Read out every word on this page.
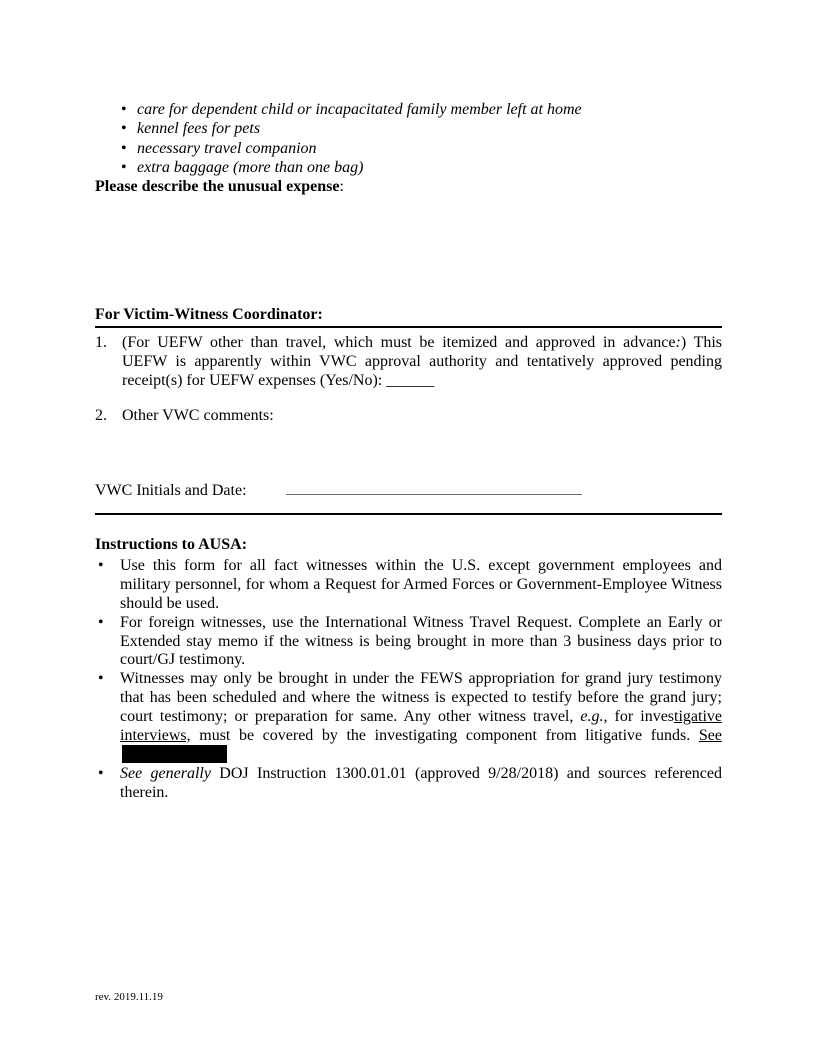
• care for dependent child or incapacitated family member left at home
• kennel fees for pets
• necessary travel companion
• extra baggage (more than one bag)

Please describe the unusual expense:

For Victim-Witness Coordinator:
1. (For UEFW other than travel, which must be itemized and approved in advance:) This UEFW is apparently within VWC approval authority and tentatively approved pending receipt(s) for UEFW expenses (Yes/No): ______
2. Other VWC comments:
VWC Initials and Date:
Instructions to AUSA:
• Use this form for all fact witnesses within the U.S. except government employees and military personnel, for whom a Request for Armed Forces or Government-Employee Witness should be used.
• For foreign witnesses, use the International Witness Travel Request. Complete an Early or Extended stay memo if the witness is being brought in more than 3 business days prior to court/GJ testimony.
• Witnesses may only be brought in under the FEWS appropriation for grand jury testimony that has been scheduled and where the witness is expected to testify before the grand jury; court testimony; or preparation for same. Any other witness travel, e.g., for investigative interviews, must be covered by the investigating component from litigative funds. See
• See generally DOJ Instruction 1300.01.01 (approved 9/28/2018) and sources referenced therein.
rev. 2019.11.19
